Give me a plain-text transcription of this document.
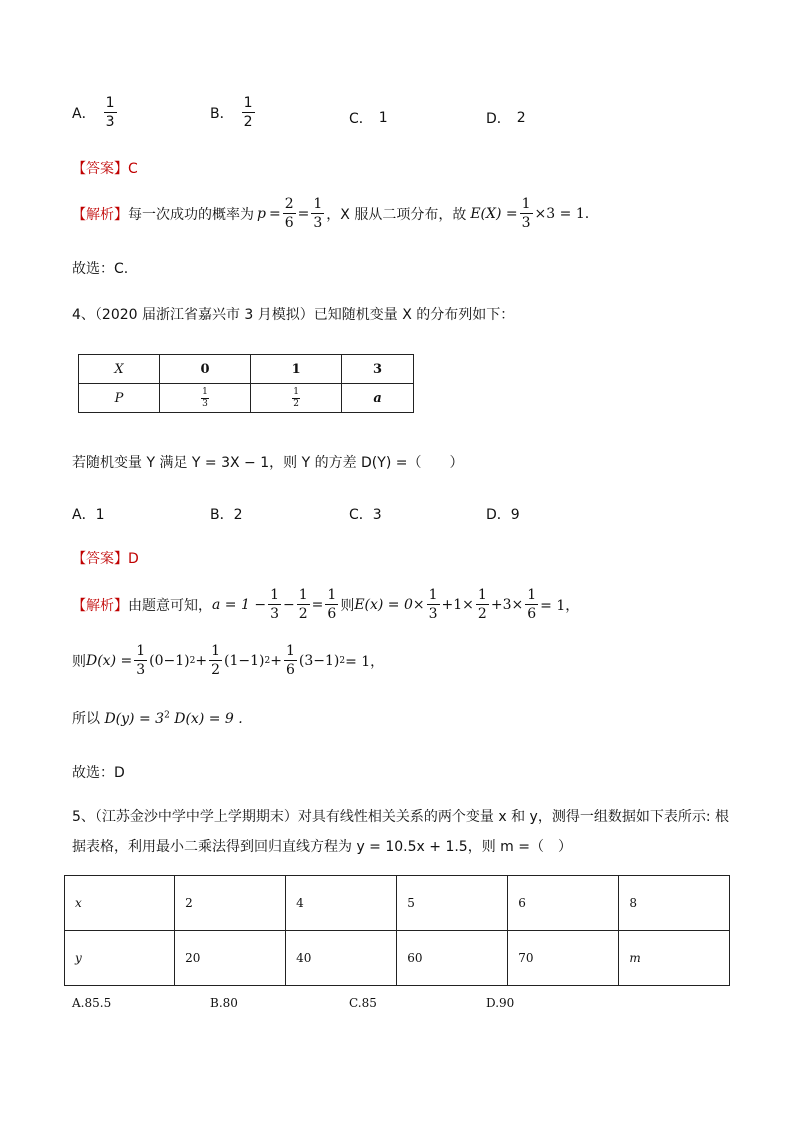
A． $\frac{1}{3}$	B． $\frac{1}{2}$	C． 1	D． 2
【答案】C
【解析】 每一次成功的概率为 $p = \frac{2}{6} = \frac{1}{3}$ ，X 服从二项分布，故 $E(X) = \frac{1}{3} \times 3 = 1$.
故选：C.
4、（2020 届浙江省嘉兴市 3 月模拟）已知随机变量 X 的分布列如下：
X	0	1	3
P	$\frac{1}{3}$	$\frac{1}{2}$	a
若随机变量 Y 满足 Y = 3X − 1，则 Y 的方差 D(Y) =（　　）
A．1	B．2	C．3	D．9
【答案】D
【解析】 由题意可知， $a = 1 - \frac{1}{3} - \frac{1}{2} = \frac{1}{6}$ 则 $E(x) = 0\times \frac{1}{3} +1\times \frac{1}{2} +3\times \frac{1}{6} = 1$，
则 $D(x) = \frac{1}{3} (0-1) 2 + \frac{1}{2} (1-1) 2 + \frac{1}{6} (3-1) 2 = 1$，
所以 $D(y) = 3^2$ D(x) = 9 .
故选：D
5、（江苏金沙中学中学上学期期末）对具有线性相关关系的两个变量 x 和 y，测得一组数据如下表所示: 根
据表格，利用最小二乘法得到回归直线方程为 y = 10.5x + 1.5，则 m =（　）
x	2	4	5	6	8
y	20	40	60	70	m
A.85.5	B.80	C.85	D.90
